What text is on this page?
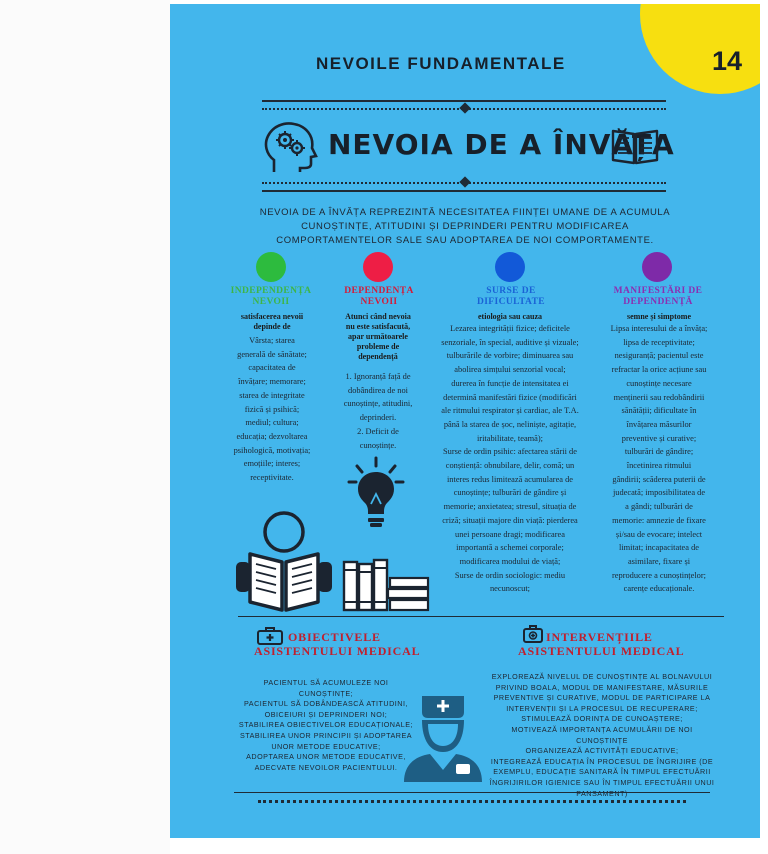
14
NEVOILE FUNDAMENTALE
NEVOIA DE A ÎNVĂȚA
NEVOIA DE A ÎNVĂȚA REPREZINTĂ NECESITATEA FIINȚEI UMANE DE A ACUMULA
CUNOȘTINȚE, ATITUDINI ȘI DEPRINDERI PENTRU MODIFICAREA
COMPORTAMENTELOR SALE SAU ADOPTAREA DE NOI COMPORTAMENTE.
INDEPENDENȚA
NEVOII
satisfacerea nevoii
depinde de
Vârsta; starea
generală de sănătate;
capacitatea de
învățare; memorare;
starea de integritate
fizică și psihică;
mediul; cultura;
educația; dezvoltarea
psihologică, motivația;
emoțiile; interes;
receptivitate.
DEPENDENȚA
NEVOII
Atunci când nevoia
nu este satisfacută,
apar următoarele
probleme de
dependență
1. Ignoranță față de
dobândirea de noi
cunoștințe, atitudini,
deprinderi.
2. Deficit de
cunoștințe.
SURSE DE
DIFICULTATE
etiologia sau cauza
Lezarea integrității fizice; deficitele
senzoriale, în special, auditive și vizuale;
tulburările de vorbire; diminuarea sau
abolirea simțului senzorial vocal;
durerea în funcție de intensitatea ei
determină manifestări fizice (modificări
ale ritmului respirator și cardiac, ale T.A.
până la starea de șoc, neliniște, agitație,
iritabilitate, teamă);
Surse de ordin psihic: afectarea stării de
conștiență: obnubilare, delir, comă; un
interes redus limitează acumularea de
cunoștințe; tulburări de gândire și
memorie; anxietatea; stresul, situația de
criză; situații majore din viață: pierderea
unei persoane dragi; modificarea
importantă a schemei corporale;
modificarea modului de viață;
Surse de ordin sociologic: mediu
necunoscut;
MANIFESTĂRI DE
DEPENDENȚĂ
semne și simptome
Lipsa interesului de a învăța;
lipsa de receptivitate;
nesiguranță; pacientul este
refractar la orice acțiune sau
cunoștințe necesare
menținerii sau redobândirii
sănătății; dificultate în
învățarea măsurilor
preventive și curative;
tulburări de gândire;
încetinirea ritmului
gândirii; scăderea puterii de
judecată; imposibilitatea de
a gândi; tulburări de
memorie: amnezie de fixare
și/sau de evocare; intelect
limitat; incapacitatea de
asimilare, fixare și
reproducere a cunoștințelor;
carențe educaționale.
OBIECTIVELE
ASISTENTULUI MEDICAL
PACIENTUL SĂ ACUMULEZE NOI
CUNOȘTINȚE;
PACIENTUL SĂ DOBÂNDEASCĂ ATITUDINI,
OBICEIURI ȘI DEPRINDERI NOI;
STABILIREA OBIECTIVELOR EDUCAȚIONALE;
STABILIREA UNOR PRINCIPII ȘI ADOPTAREA
UNOR METODE EDUCATIVE;
ADOPTAREA UNOR METODE EDUCATIVE,
ADECVATE NEVOILOR PACIENTULUI.
INTERVENȚIILE
ASISTENTULUI MEDICAL
EXPLOREAZĂ NIVELUL DE CUNOȘTINȚE AL BOLNAVULUI
PRIVIND BOALA, MODUL DE MANIFESTARE, MĂSURILE
PREVENTIVE ȘI CURATIVE, MODUL DE PARTICIPARE LA
INTERVENȚII ȘI LA PROCESUL DE RECUPERARE;
STIMULEAZĂ DORINȚA DE CUNOAȘTERE;
MOTIVEAZĂ IMPORTANȚA ACUMULĂRII DE NOI
CUNOȘTINȚE
ORGANIZEAZĂ ACTIVITĂȚI EDUCATIVE;
INTEGREAZĂ EDUCAȚIA ÎN PROCESUL DE ÎNGRIJIRE (DE
EXEMPLU, EDUCAȚIE SANITARĂ ÎN TIMPUL EFECTUĂRII
ÎNGRIJIRILOR IGIENICE SAU ÎN TIMPUL EFECTUĂRII UNUI
PANSAMENT)
